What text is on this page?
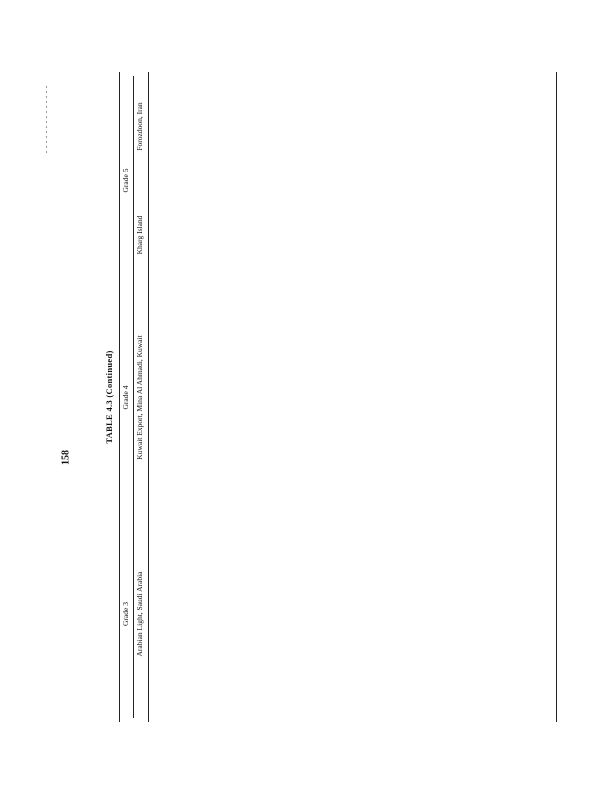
158
TABLE 4.3 (Continued)
Grade 3
Grade 4
Grade 5
Arabian Light, Saudi Arabia
Kuwait Export, Mina Al Ahmadi, Kuwait
Kharg Island
Forozdoon, Iran
